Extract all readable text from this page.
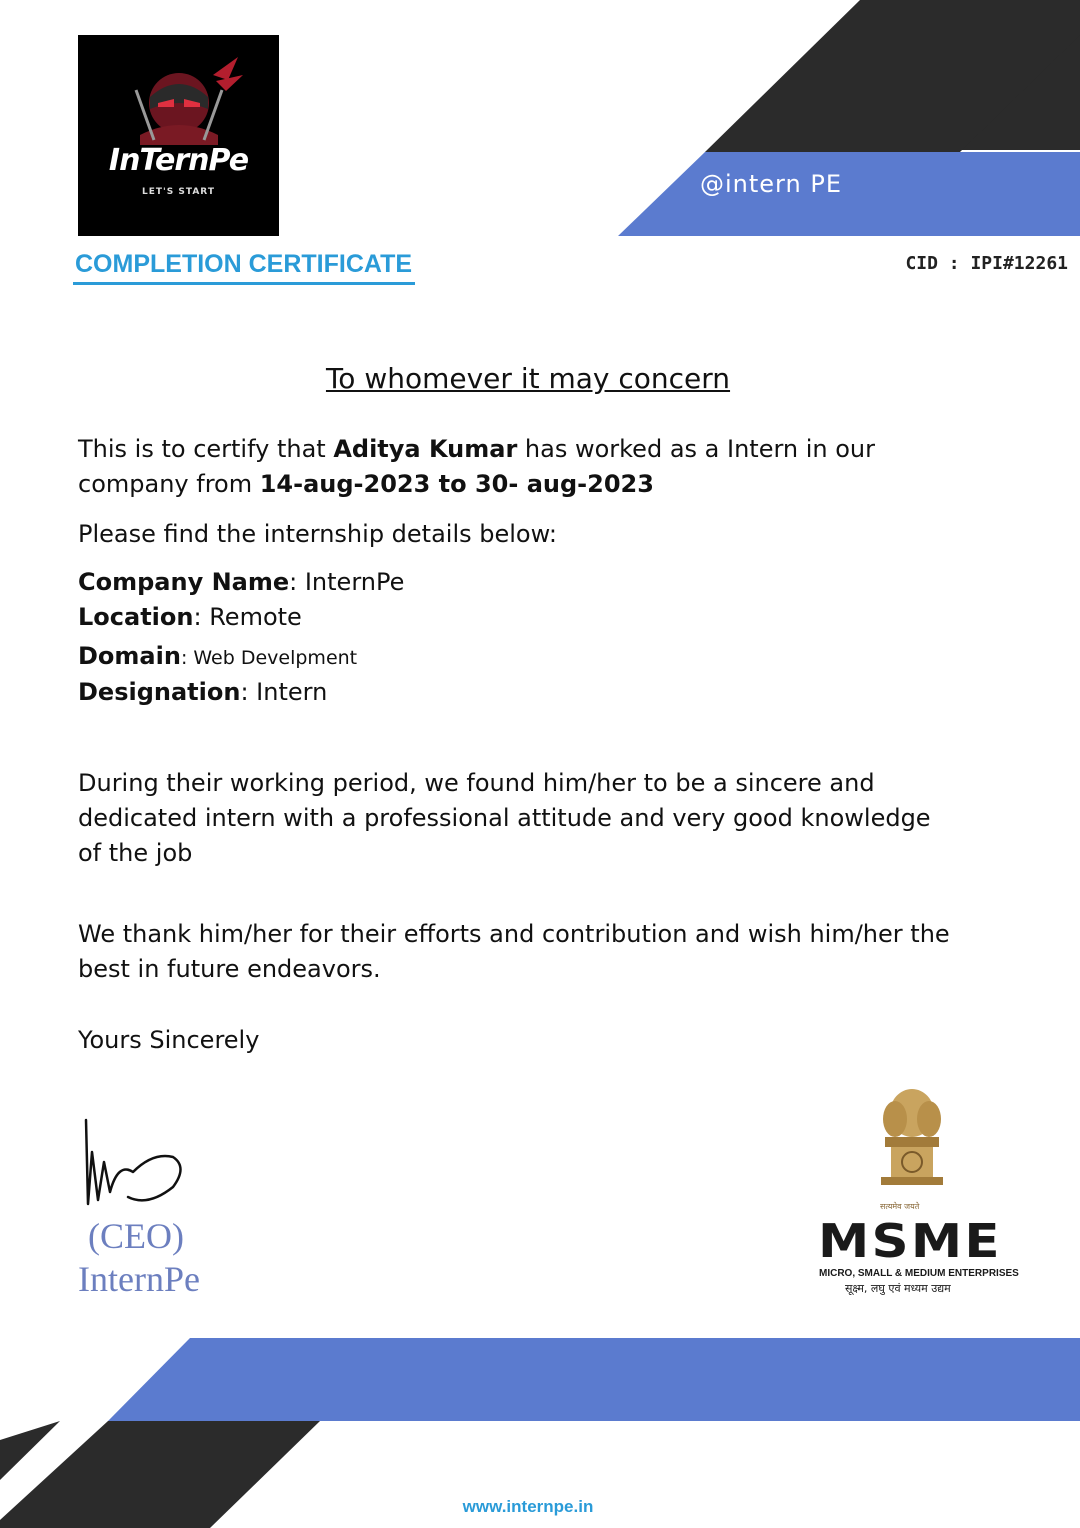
InTernPe
LET'S START	@intern PE
COMPLETION CERTIFICATE	CID : IPI#12261
To whomever it may concern
This is to certify that Aditya Kumar has worked as a Intern in our
company from 14-aug-2023 to 30- aug-2023
Please find the internship details below:
Company Name: InternPe
Location: Remote
Domain: Web Develpment
Designation: Intern
During their working period, we found him/her to be a sincere and
dedicated intern with a professional attitude and very good knowledge
of the job
We thank him/her for their efforts and contribution and wish him/her the
best in future endeavors.
Yours Sincerely
(CEO)
InternPe
सत्यमेव जयते
MSME
MICRO, SMALL & MEDIUM ENTERPRISES
सूक्ष्म, लघु एवं मध्यम उद्यम
www.internpe.in
